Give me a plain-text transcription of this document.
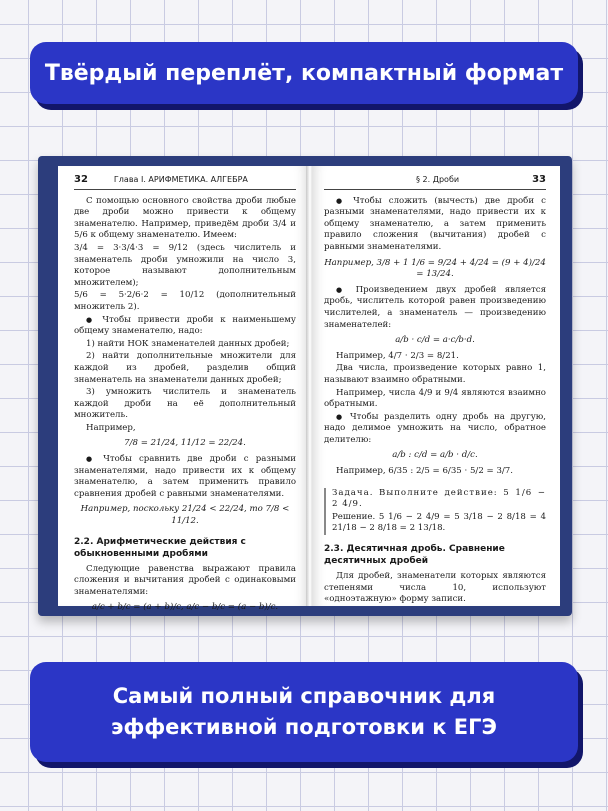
Твёрдый переплёт, компактный формат
32	Глава I. АРИФМЕТИКА. АЛГЕБРА

С помощью основного свойства дроби любые две дроби можно привести к общему знаменателю. Например, приведём дроби 3/4 и 5/6 к общему знаменателю. Имеем:

3/4 = 3·3/4·3 = 9/12 (здесь числитель и знаменатель дроби умножили на число 3, которое называют дополнительным множителем);

5/6 = 5·2/6·2 = 10/12 (дополнительный множитель 2).

● Чтобы привести дроби к наименьшему общему знаменателю, надо:

1) найти НОК знаменателей данных дробей;

2) найти дополнительные множители для каждой из дробей, разделив общий знаменатель на знаменатели данных дробей;

3) умножить числитель и знаменатель каждой дроби на её дополнительный множитель.

Например,

7/8 = 21/24, 11/12 = 22/24.

● Чтобы сравнить две дроби с разными знаменателями, надо привести их к общему знаменателю, а затем применить правило сравнения дробей с равными знаменателями.

Например, поскольку 21/24 < 22/24, то 7/8 < 11/12.
2.2. Арифметические действия с обыкновенными дробями

Следующие равенства выражают правила сложения и вычитания дробей с одинаковыми знаменателями:

a/c + b/c = (a + b)/c, a/c − b/c = (a − b)/c.
§ 2. Дроби	33

● Чтобы сложить (вычесть) две дроби с разными знаменателями, надо привести их к общему знаменателю, а затем применить правило сложения (вычитания) дробей с равными знаменателями.

Например, 3/8 + 1 1/6 = 9/24 + 4/24 = (9 + 4)/24 = 13/24.

● Произведением двух дробей является дробь, числитель которой равен произведению числителей, а знаменатель — произведению знаменателей:

a/b · c/d = a·c/b·d.

Например, 4/7 · 2/3 = 8/21.

Два числа, произведение которых равно 1, называют взаимно обратными.

Например, числа 4/9 и 9/4 являются взаимно обратными.

● Чтобы разделить одну дробь на другую, надо делимое умножить на число, обратное делителю:

a/b : c/d = a/b · d/c.

Например, 6/35 : 2/5 = 6/35 · 5/2 = 3/7.

Задача. Выполните действие: 5 1/6 − 2 4/9.

Решение. 5 1/6 − 2 4/9 = 5 3/18 − 2 8/18 = 4 21/18 − 2 8/18 = 2 13/18.

2.3. Десятичная дробь. Сравнение десятичных дробей

Для дробей, знаменатели которых являются степенями числа 10, используют «одноэтажную» форму записи.

Самый полный справочник для эффективной подготовки к ЕГЭ
